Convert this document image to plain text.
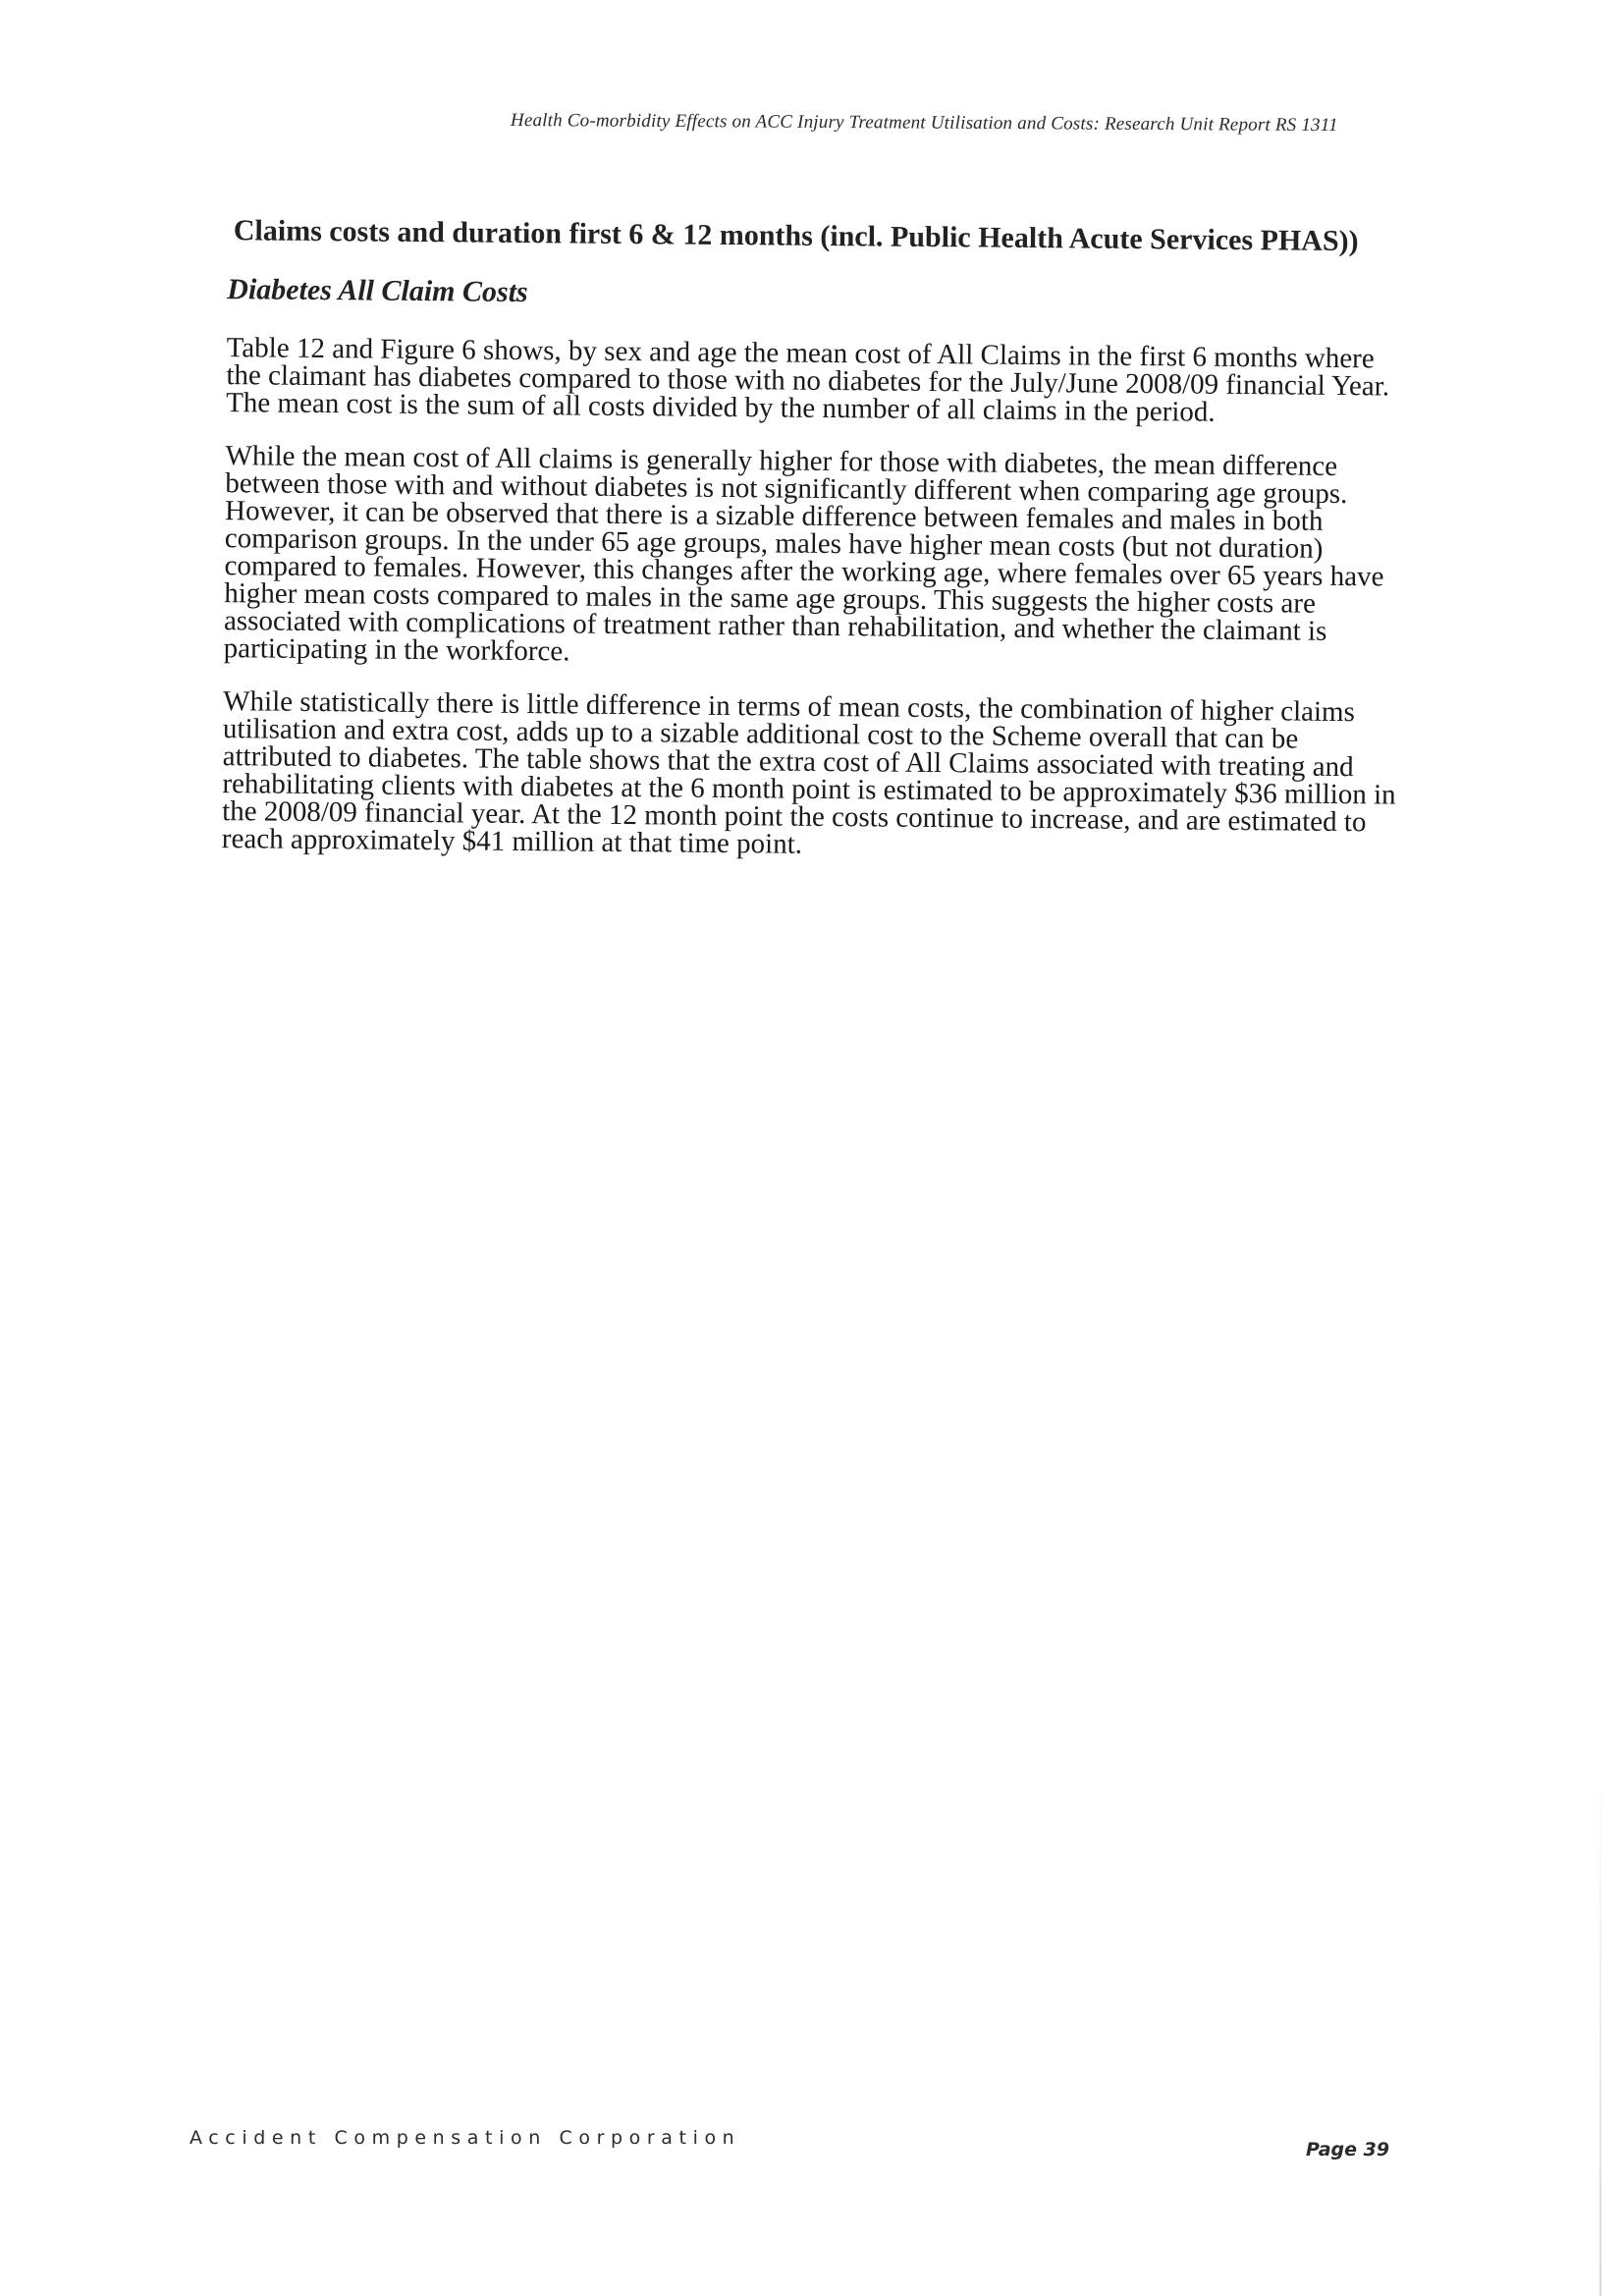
Health Co-morbidity Effects on ACC Injury Treatment Utilisation and Costs: Research Unit Report RS 1311
Claims costs and duration first 6 & 12 months (incl. Public Health Acute Services PHAS))
Diabetes All Claim Costs

Table 12 and Figure 6 shows, by sex and age the mean cost of All Claims in the first 6 months where the claimant has diabetes compared to those with no diabetes for the July/June 2008/09 financial Year. The mean cost is the sum of all costs divided by the number of all claims in the period.

While the mean cost of All claims is generally higher for those with diabetes, the mean difference between those with and without diabetes is not significantly different when comparing age groups. However, it can be observed that there is a sizable difference between females and males in both comparison groups. In the under 65 age groups, males have higher mean costs (but not duration) compared to females. However, this changes after the working age, where females over 65 years have higher mean costs compared to males in the same age groups. This suggests the higher costs are associated with complications of treatment rather than rehabilitation, and whether the claimant is participating in the workforce.

While statistically there is little difference in terms of mean costs, the combination of higher claims utilisation and extra cost, adds up to a sizable additional cost to the Scheme overall that can be attributed to diabetes. The table shows that the extra cost of All Claims associated with treating and rehabilitating clients with diabetes at the 6 month point is estimated to be approximately $36 million in the 2008/09 financial year. At the 12 month point the costs continue to increase, and are estimated to reach approximately $41 million at that time point.

Accident Compensation Corporation
Page 39
